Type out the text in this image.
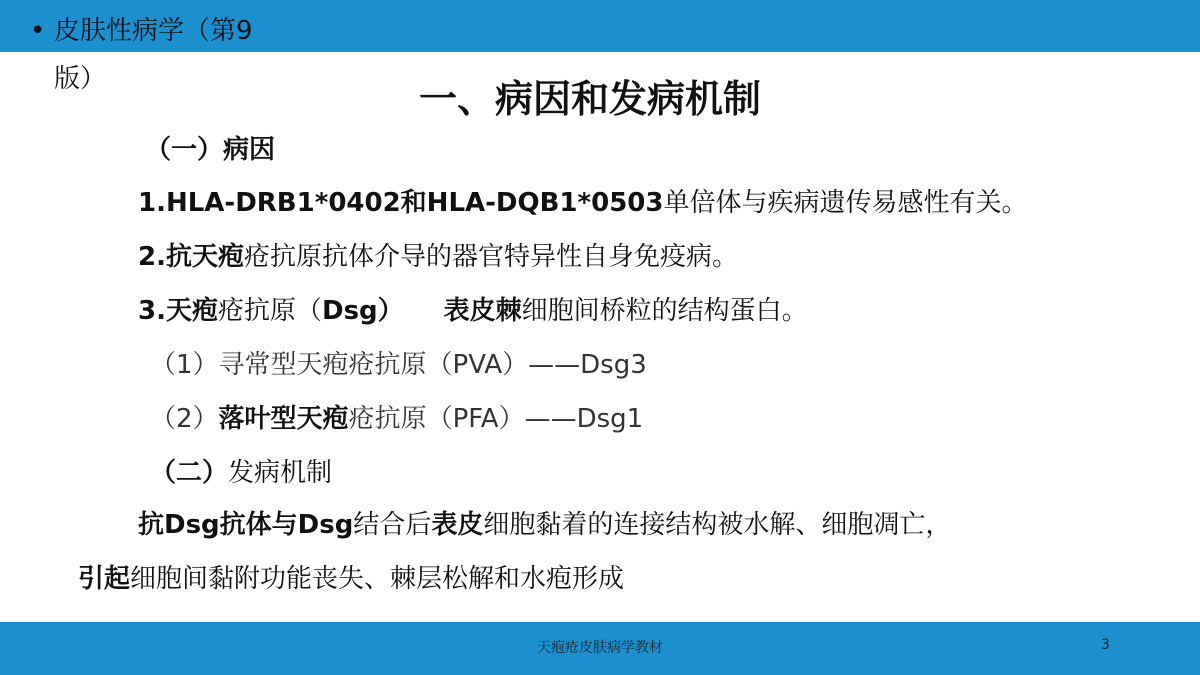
• 皮肤性病学（第9
版）	一、病因和发病机制
（一）病因
1.HLA-DRB1*0402和HLA-DQB1*0503单倍体与疾病遗传易感性有关。
2.抗天疱疮抗原抗体介导的器官特异性自身免疫病。
3.天疱疮抗原（Dsg） 表皮棘细胞间桥粒的结构蛋白。
（1）寻常型天疱疮抗原（PVA）——Dsg3
（2）落叶型天疱疮抗原（PFA）——Dsg1
（二）发病机制
抗Dsg抗体与Dsg结合后表皮细胞黏着的连接结构被水解、细胞凋亡，
引起细胞间黏附功能丧失、棘层松解和水疱形成
天疱疮皮肤病学教材	3
